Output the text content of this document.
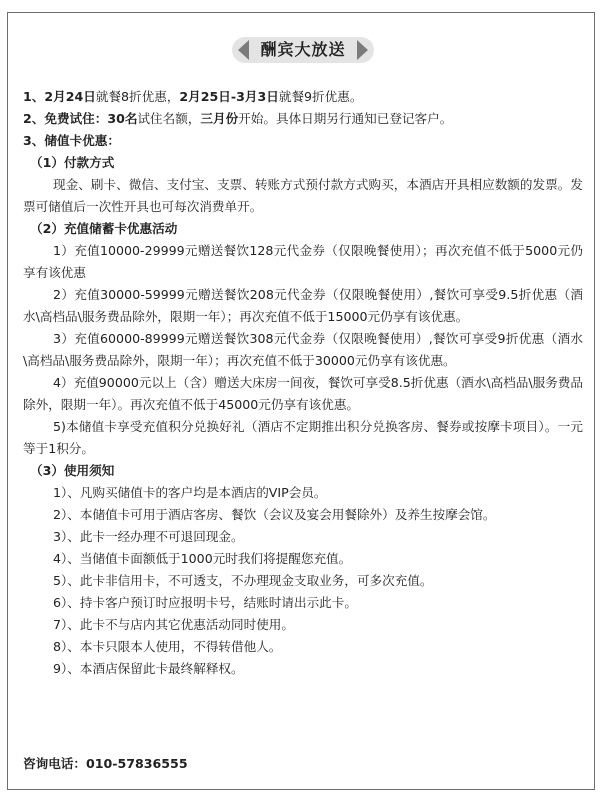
酬宾大放送

1、2月24日就餐8折优惠，2月25日-3月3日就餐9折优惠。

2、免费试住：30名试住名额，三月份开始。具体日期另行通知已登记客户。

3、储值卡优惠：

（1）付款方式

现金、刷卡、微信、支付宝、支票、转账方式预付款方式购买，本酒店开具相应数额的发票。发票可储值后一次性开具也可每次消费单开。

（2）充值储蓄卡优惠活动

1）充值10000-29999元赠送餐饮128元代金券（仅限晚餐使用）；再次充值不低于5000元仍享有该优惠

2）充值30000-59999元赠送餐饮208元代金券（仅限晚餐使用）,餐饮可享受9.5折优惠（酒水\高档品\服务费品除外，限期一年）；再次充值不低于15000元仍享有该优惠。

3）充值60000-89999元赠送餐饮308元代金券（仅限晚餐使用）,餐饮可享受9折优惠（酒水\高档品\服务费品除外，限期一年）；再次充值不低于30000元仍享有该优惠。

4）充值90000元以上（含）赠送大床房一间夜，餐饮可享受8.5折优惠（酒水\高档品\服务费品除外，限期一年）。再次充值不低于45000元仍享有该优惠。

5)本储值卡享受充值积分兑换好礼（酒店不定期推出积分兑换客房、餐券或按摩卡项目）。一元等于1积分。

（3）使用须知

1）、凡购买储值卡的客户均是本酒店的VIP会员。

2）、本储值卡可用于酒店客房、餐饮（会议及宴会用餐除外）及养生按摩会馆。

3）、此卡一经办理不可退回现金。

4）、当储值卡面额低于1000元时我们将提醒您充值。

5）、此卡非信用卡，不可透支，不办理现金支取业务，可多次充值。

6）、持卡客户预订时应报明卡号，结账时请出示此卡。

7）、此卡不与店内其它优惠活动同时使用。

8）、本卡只限本人使用，不得转借他人。

9）、本酒店保留此卡最终解释权。

咨询电话：010-57836555
